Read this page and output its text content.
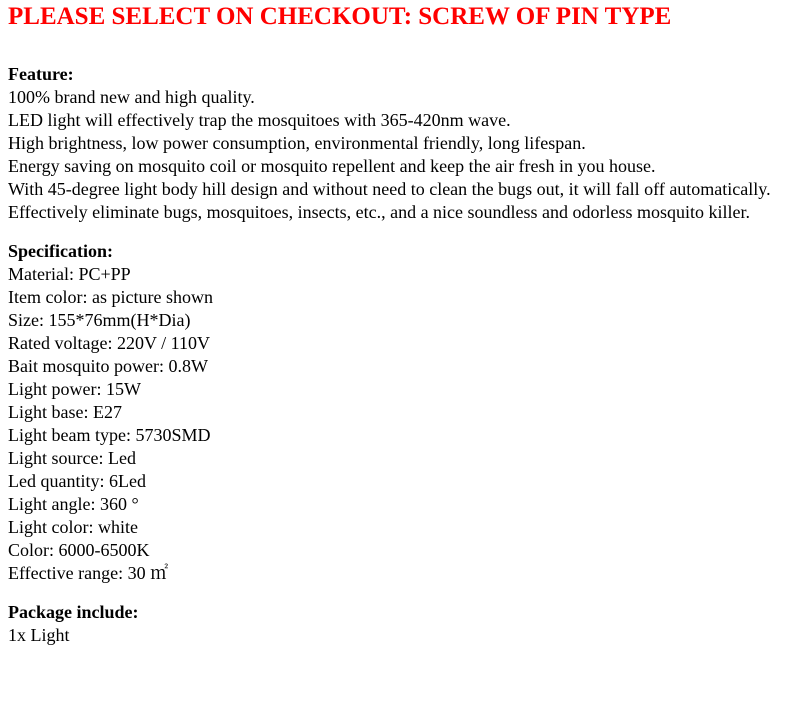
PLEASE SELECT ON CHECKOUT: SCREW OF PIN TYPE
Feature:
100% brand new and high quality.
LED light will effectively trap the mosquitoes with 365-420nm wave.
High brightness, low power consumption, environmental friendly, long lifespan.
Energy saving on mosquito coil or mosquito repellent and keep the air fresh in you house.
With 45-degree light body hill design and without need to clean the bugs out, it will fall off automatically.
Effectively eliminate bugs, mosquitoes, insects, etc., and a nice soundless and odorless mosquito killer.
Specification:
Material: PC+PP
Item color: as picture shown
Size: 155*76mm(H*Dia)
Rated voltage: 220V / 110V
Bait mosquito power: 0.8W
Light power: 15W
Light base: E27
Light beam type: 5730SMD
Light source: Led
Led quantity: 6Led
Light angle: 360 °
Light color: white
Color: 6000-6500K
Effective range: 30 ㎡
Package include:
1x Light
